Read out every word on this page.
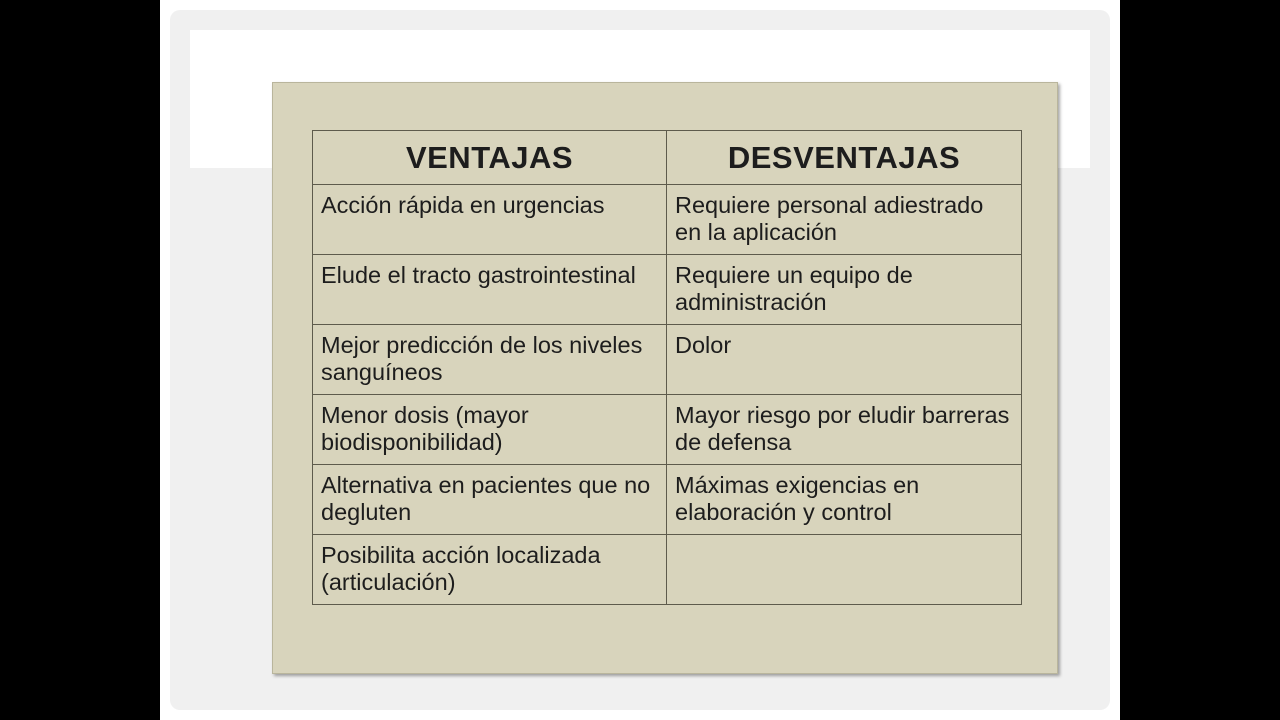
VENTAJAS	DESVENTAJAS

Acción rápida en urgencias	Requiere personal adiestrado en la aplicación

Elude el tracto gastrointestinal	Requiere un equipo de administración

Mejor predicción de los niveles sanguíneos	Dolor

Menor dosis (mayor biodisponibilidad)	Mayor riesgo por eludir barreras de defensa

Alternativa en pacientes que no degluten	Máximas exigencias en elaboración y control

Posibilita acción localizada (articulación)	
